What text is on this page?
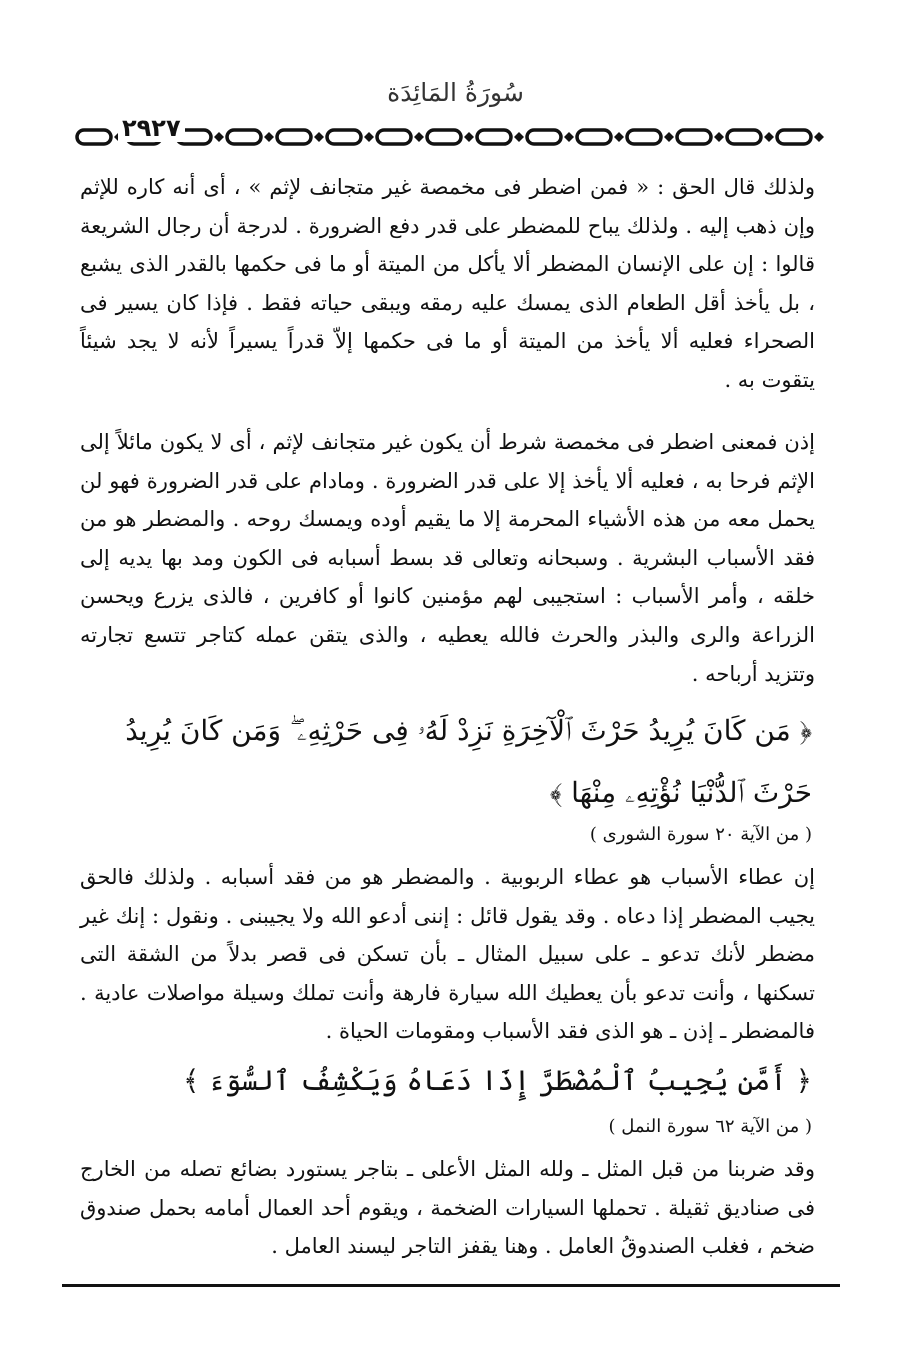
سُورَةُ المَائِدَة
٢٩٢٧

ولذلك قال الحق : « فمن اضطر فى مخمصة غير متجانف لإثم » ، أى أنه كاره للإثم وإن ذهب إليه . ولذلك يباح للمضطر على قدر دفع الضرورة . لدرجة أن رجال الشريعة قالوا : إن على الإنسان المضطر ألا يأكل من الميتة أو ما فى حكمها بالقدر الذى يشبع ، بل يأخذ أقل الطعام الذى يمسك عليه رمقه ويبقى حياته فقط . فإذا كان يسير فى الصحراء فعليه ألا يأخذ من الميتة أو ما فى حكمها إلاّ قدراً يسيراً لأنه لا يجد شيئاً يتقوت به .

إذن فمعنى اضطر فى مخمصة شرط أن يكون غير متجانف لإثم ، أى لا يكون مائلاً إلى الإثم فرحا به ، فعليه ألا يأخذ إلا على قدر الضرورة . ومادام على قدر الضرورة فهو لن يحمل معه من هذه الأشياء المحرمة إلا ما يقيم أوده ويمسك روحه . والمضطر هو من فقد الأسباب البشرية . وسبحانه وتعالى قد بسط أسبابه فى الكون ومد بها يديه إلى خلقه ، وأمر الأسباب : استجيبى لهم مؤمنين كانوا أو كافرين ، فالذى يزرع ويحسن الزراعة والرى والبذر والحرث فالله يعطيه ، والذى يتقن عمله كتاجر تتسع تجارته وتتزيد أرباحه .

﴿ مَن كَانَ يُرِيدُ حَرْثَ ٱلْآخِرَةِ نَزِدْ لَهُۥ فِى حَرْثِهِۦ ۖ وَمَن كَانَ يُرِيدُ حَرْثَ ٱلدُّنْيَا نُؤْتِهِۦ مِنْهَا ﴾

( من الآية ٢٠ سورة الشورى )

إن عطاء الأسباب هو عطاء الربوبية . والمضطر هو من فقد أسبابه . ولذلك فالحق يجيب المضطر إذا دعاه . وقد يقول قائل : إننى أدعو الله ولا يجيبنى . ونقول : إنك غير مضطر لأنك تدعو ـ على سبيل المثال ـ بأن تسكن فى قصر بدلاً من الشقة التى تسكنها ، وأنت تدعو بأن يعطيك الله سيارة فارهة وأنت تملك وسيلة مواصلات عادية . فالمضطر ـ إذن ـ هو الذى فقد الأسباب ومقومات الحياة .

﴿ أَمَّن يُجِيبُ ٱلْمُضْطَرَّ إِذَا دَعَاهُ وَيَكْشِفُ ٱلسُّوٓءَ ﴾

( من الآية ٦٢ سورة النمل )

وقد ضربنا من قبل المثل ـ ولله المثل الأعلى ـ بتاجر يستورد بضائع تصله من الخارج فى صناديق ثقيلة . تحملها السيارات الضخمة ، ويقوم أحد العمال أمامه بحمل صندوق ضخم ، فغلب الصندوقُ العامل . وهنا يقفز التاجر ليسند العامل .
